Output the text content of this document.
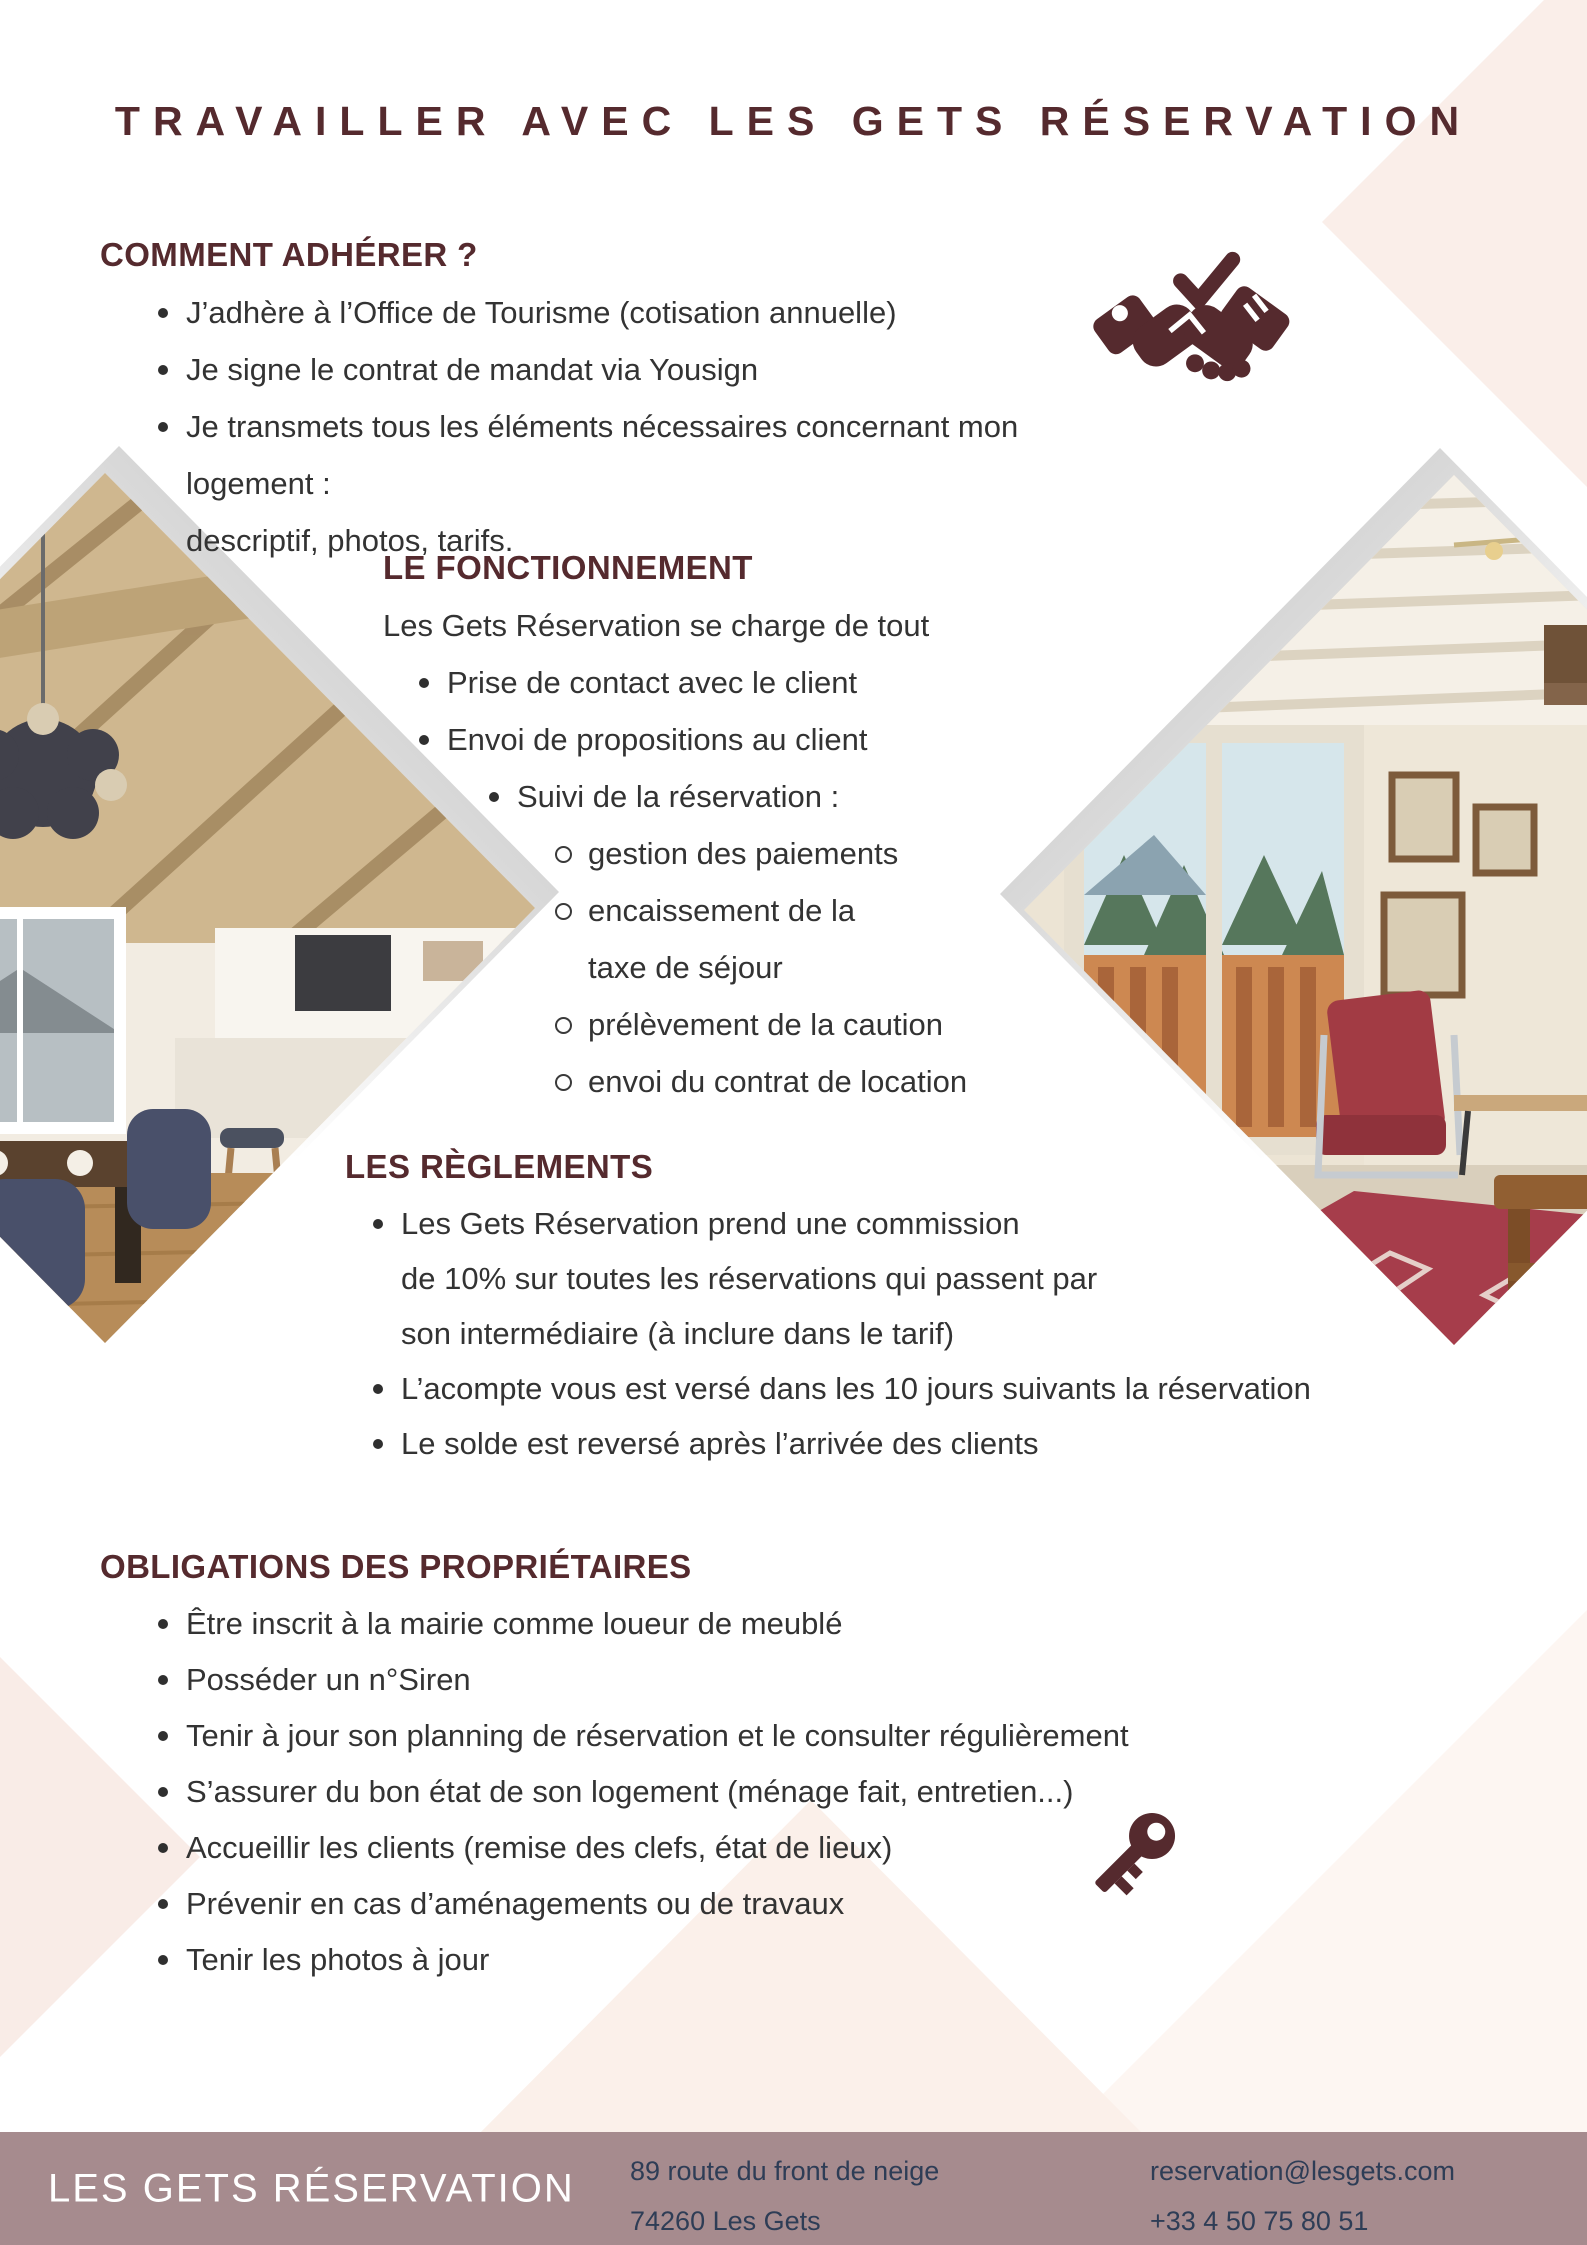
TRAVAILLER AVEC LES GETS RÉSERVATION
COMMENT ADHÉRER ?
J’adhère à l’Office de Tourisme (cotisation annuelle)
Je signe le contrat de mandat via Yousign
Je transmets tous les éléments nécessaires concernant mon logement :
descriptif, photos, tarifs.
LE FONCTIONNEMENT
Les Gets Réservation se charge de tout
Prise de contact avec le client
Envoi de propositions au client
Suivi de la réservation :
gestion des paiements
encaissement de la
taxe de séjour
prélèvement de la caution
envoi du contrat de location
LES RÈGLEMENTS
Les Gets Réservation prend une commission
de 10% sur toutes les réservations qui passent par
son intermédiaire (à inclure dans le tarif)
L’acompte vous est versé dans les 10 jours suivants la réservation
Le solde est reversé après l’arrivée des clients
OBLIGATIONS DES PROPRIÉTAIRES
Être inscrit à la mairie comme loueur de meublé
Posséder un n°Siren
Tenir à jour son planning de réservation et le consulter régulièrement
S’assurer du bon état de son logement (ménage fait, entretien...)
Accueillir les clients (remise des clefs, état de lieux)
Prévenir en cas d’aménagements ou de travaux
Tenir les photos à jour
LES GETS RÉSERVATION 89 route du front de neige
74260 Les Gets
reservation@lesgets.com
+33 4 50 75 80 51
